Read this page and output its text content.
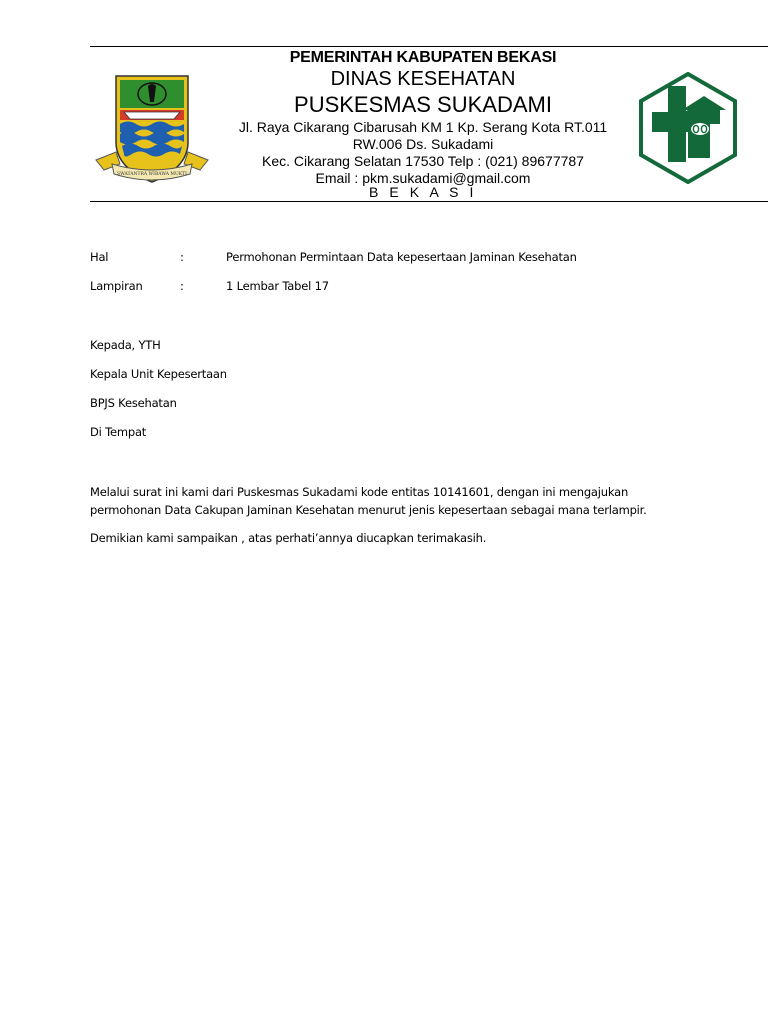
SWATANTRA WIBAWA MUKTI
PEMERINTAH KABUPATEN BEKASI
DINAS KESEHATAN
PUSKESMAS SUKADAMI
Jl. Raya Cikarang Cibarusah KM 1 Kp. Serang Kota RT.011
RW.006 Ds. Sukadami
Kec. Cikarang Selatan 17530 Telp : (021) 89677787
Email : pkm.sukadami@gmail.com
B E K A S I
Hal	:	Permohonan Permintaan Data kepesertaan Jaminan Kesehatan
Lampiran	:	1 Lembar Tabel 17
Kepada, YTH
Kepala Unit Kepesertaan
BPJS Kesehatan
Di Tempat
Melalui surat ini kami dari Puskesmas Sukadami kode entitas 10141601, dengan ini mengajukan
permohonan Data Cakupan Jaminan Kesehatan menurut jenis kepesertaan sebagai mana terlampir.
Demikian kami sampaikan , atas perhati’annya diucapkan terimakasih.
